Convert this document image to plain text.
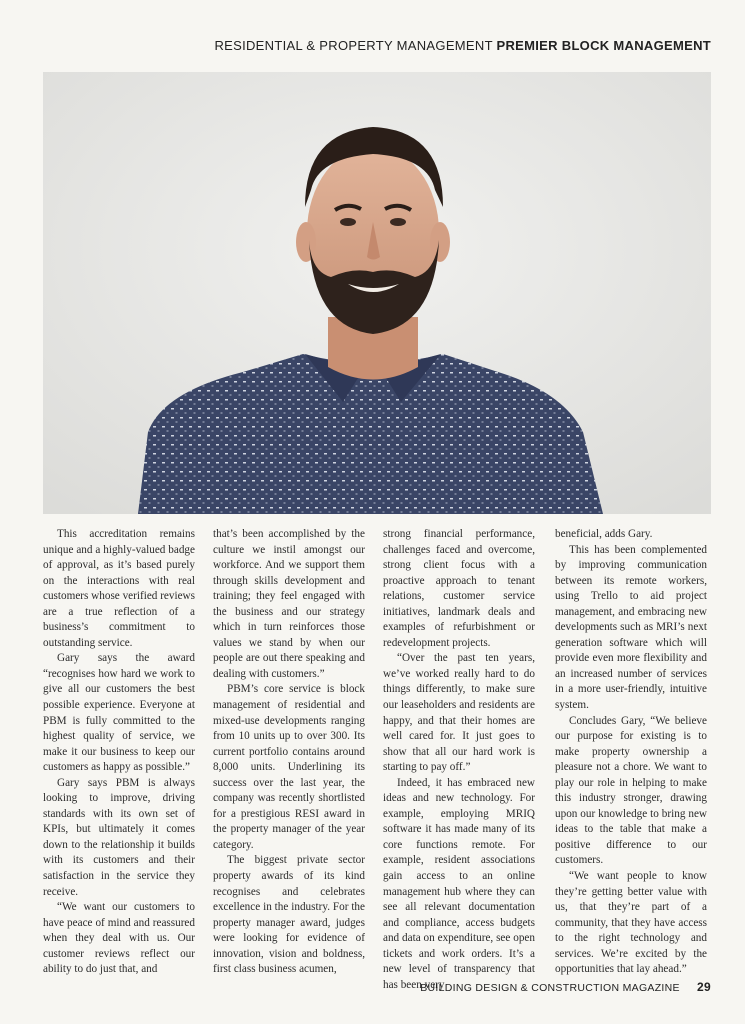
RESIDENTIAL & PROPERTY MANAGEMENT PREMIER BLOCK MANAGEMENT

This accreditation remains unique and a highly-valued badge of approval, as it’s based purely on the interactions with real customers whose verified reviews are a true reflection of a business’s commitment to outstanding service.

Gary says the award “recognises how hard we work to give all our customers the best possible experience. Everyone at PBM is fully committed to the highest quality of service, we make it our business to keep our customers as happy as possible.”

Gary says PBM is always looking to improve, driving standards with its own set of KPIs, but ultimately it comes down to the relationship it builds with its customers and their satisfaction in the service they receive.

“We want our customers to have peace of mind and reassured when they deal with us. Our customer reviews reflect our ability to do just that, and

that’s been accomplished by the culture we instil amongst our workforce. And we support them through skills development and training; they feel engaged with the business and our strategy which in turn reinforces those values we stand by when our people are out there speaking and dealing with customers.”

PBM’s core service is block management of residential and mixed-use developments ranging from 10 units up to over 300. Its current portfolio contains around 8,000 units. Underlining its success over the last year, the company was recently shortlisted for a prestigious RESI award in the property manager of the year category.

The biggest private sector property awards of its kind recognises and celebrates excellence in the industry. For the property manager award, judges were looking for evidence of innovation, vision and boldness, first class business acumen,

strong financial performance, challenges faced and overcome, strong client focus with a proactive approach to tenant relations, customer service initiatives, landmark deals and examples of refurbishment or redevelopment projects.

“Over the past ten years, we’ve worked really hard to do things differently, to make sure our leaseholders and residents are happy, and that their homes are well cared for. It just goes to show that all our hard work is starting to pay off.”

Indeed, it has embraced new ideas and new technology. For example, employing MRIQ software it has made many of its core functions remote. For example, resident associations gain access to an online management hub where they can see all relevant documentation and compliance, access budgets and data on expenditure, see open tickets and work orders. It’s a new level of transparency that has been very

beneficial, adds Gary.

This has been complemented by improving communication between its remote workers, using Trello to aid project management, and embracing new developments such as MRI’s next generation software which will provide even more flexibility and an increased number of services in a more user-friendly, intuitive system.

Concludes Gary, “We believe our purpose for existing is to make property ownership a pleasure not a chore. We want to play our role in helping to make this industry stronger, drawing upon our knowledge to bring new ideas to the table that make a positive difference to our customers.

“We want people to know they’re getting better value with us, that they’re part of a community, that they have access to the right technology and services. We’re excited by the opportunities that lay ahead.”

BUILDING DESIGN & CONSTRUCTION MAGAZINE 29
